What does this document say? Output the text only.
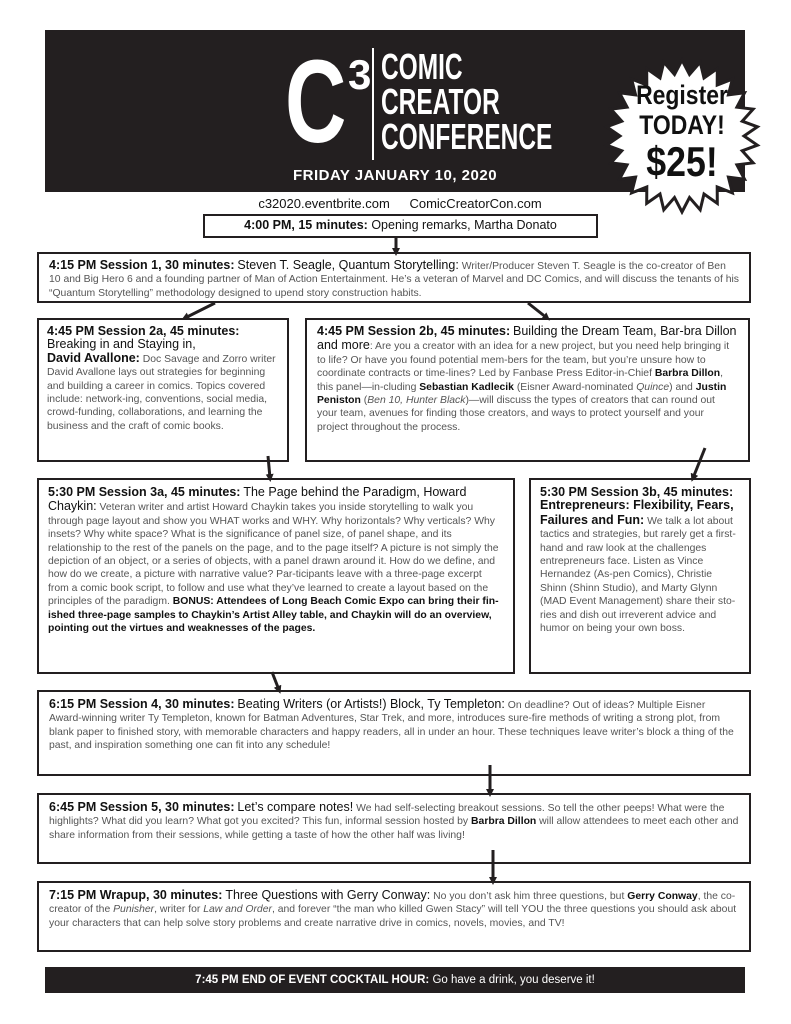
C 3 COMIC
CREATOR
CONFERENCE
FRIDAY JANUARY 10, 2020
Register
TODAY!
$25!
c32020.eventbrite.com ComicCreatorCon.com
4:00 PM, 15 minutes: Opening remarks, Martha Donato
4:15 PM Session 1, 30 minutes: Steven T. Seagle, Quantum Storytelling: Writer/Producer Steven T. Seagle is the co-creator of Ben 10 and Big Hero 6 and a founding partner of Man of Action Entertainment. He’s a veteran of Marvel and DC Comics, and will discuss the tenants of his “Quantum Storytelling” methodology designed to upend story construction habits.
4:45 PM Session 2a, 45 minutes:
Breaking in and Staying in,
David Avallone: Doc Savage and Zorro writer David Avallone lays out strategies for beginning and building a career in comics. Topics covered include: network-ing, conventions, social media, crowd-funding, collaborations, and learning the business and the craft of comic books.
4:45 PM Session 2b, 45 minutes: Building the Dream Team, Bar-bra Dillon and more: Are you a creator with an idea for a new project, but you need help bringing it to life? Or have you found potential mem-bers for the team, but you’re unsure how to coordinate contracts or time-lines? Led by Fanbase Press Editor-in-Chief Barbra Dillon, this panel—in-cluding Sebastian Kadlecik (Eisner Award-nominated Quince) and Justin Peniston (Ben 10, Hunter Black)—will discuss the types of creators that can round out your team, avenues for finding those creators, and ways to protect yourself and your project throughout the process.
5:30 PM Session 3a, 45 minutes: The Page behind the Paradigm, Howard Chaykin: Veteran writer and artist Howard Chaykin takes you inside storytelling to walk you through page layout and show you WHAT works and WHY. Why horizontals? Why verticals? Why insets? Why white space? What is the significance of panel size, of panel shape, and its relationship to the rest of the panels on the page, and to the page itself? A picture is not simply the depiction of an object, or a series of objects, with a panel drawn around it. How do we define, and how do we create, a picture with narrative value? Par-ticipants leave with a three-page excerpt from a comic book script, to follow and use what they’ve learned to create a layout based on the principles of the paradigm. BONUS: Attendees of Long Beach Comic Expo can bring their fin-ished three-page samples to Chaykin’s Artist Alley table, and Chaykin will do an overview, pointing out the virtues and weaknesses of the pages.
5:30 PM Session 3b, 45 minutes:
Entrepreneurs: Flexibility, Fears, Failures and Fun: We talk a lot about tactics and strategies, but rarely get a first-hand and raw look at the challenges entrepreneurs face. Listen as Vince Hernandez (As-pen Comics), Christie Shinn (Shinn Studio), and Marty Glynn (MAD Event Management) share their sto-ries and dish out irreverent advice and humor on being your own boss.
6:15 PM Session 4, 30 minutes: Beating Writers (or Artists!) Block, Ty Templeton: On deadline? Out of ideas? Multiple Eisner Award-winning writer Ty Templeton, known for Batman Adventures, Star Trek, and more, introduces sure-fire methods of writing a strong plot, from blank paper to finished story, with memorable characters and happy readers, all in under an hour. These techniques leave writer’s block a thing of the past, and inspiration something one can fit into any schedule!
6:45 PM Session 5, 30 minutes: Let’s compare notes! We had self-selecting breakout sessions. So tell the other peeps! What were the highlights? What did you learn? What got you excited? This fun, informal session hosted by Barbra Dillon will allow attendees to meet each other and share information from their sessions, while getting a taste of how the other half was living!
7:15 PM Wrapup, 30 minutes: Three Questions with Gerry Conway: No you don’t ask him three questions, but Gerry Conway, the co-creator of the Punisher, writer for Law and Order, and forever “the man who killed Gwen Stacy” will tell YOU the three questions you should ask about your characters that can help solve story problems and create narrative drive in comics, novels, movies, and TV!
7:45 PM END OF EVENT COCKTAIL HOUR: Go have a drink, you deserve it!
